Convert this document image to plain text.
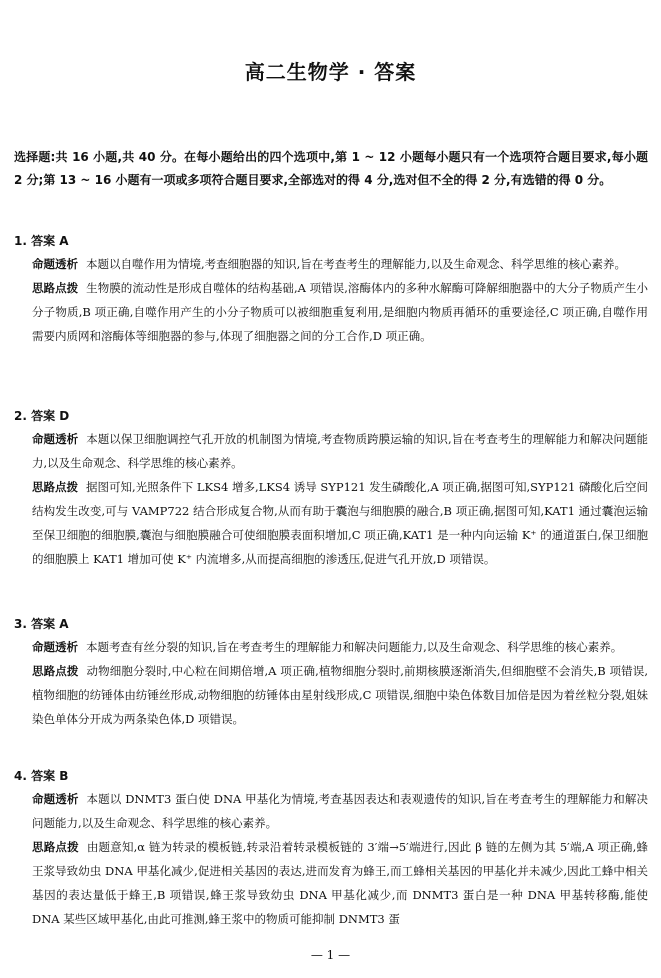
高二生物学 · 答案
选择题:共 16 小题,共 40 分。在每小题给出的四个选项中,第 1 ~ 12 小题每小题只有一个选项符合题目要求,每小题 2 分;第 13 ~ 16 小题有一项或多项符合题目要求,全部选对的得 4 分,选对但不全的得 2 分,有选错的得 0 分。
1. 答案 A
命题透析 本题以自噬作用为情境,考查细胞器的知识,旨在考查考生的理解能力,以及生命观念、科学思维的核心素养。
思路点拨 生物膜的流动性是形成自噬体的结构基础,A 项错误,溶酶体内的多种水解酶可降解细胞器中的大分子物质产生小分子物质,B 项正确,自噬作用产生的小分子物质可以被细胞重复利用,是细胞内物质再循环的重要途径,C 项正确,自噬作用需要内质网和溶酶体等细胞器的参与,体现了细胞器之间的分工合作,D 项正确。
2. 答案 D
命题透析 本题以保卫细胞调控气孔开放的机制图为情境,考查物质跨膜运输的知识,旨在考查考生的理解能力和解决问题能力,以及生命观念、科学思维的核心素养。
思路点拨 据图可知,光照条件下 LKS4 增多,LKS4 诱导 SYP121 发生磷酸化,A 项正确,据图可知,SYP121 磷酸化后空间结构发生改变,可与 VAMP722 结合形成复合物,从而有助于囊泡与细胞膜的融合,B 项正确,据图可知,KAT1 通过囊泡运输至保卫细胞的细胞膜,囊泡与细胞膜融合可使细胞膜表面积增加,C 项正确,KAT1 是一种内向运输 K⁺ 的通道蛋白,保卫细胞的细胞膜上 KAT1 增加可使 K⁺ 内流增多,从而提高细胞的渗透压,促进气孔开放,D 项错误。
3. 答案 A
命题透析 本题考查有丝分裂的知识,旨在考查考生的理解能力和解决问题能力,以及生命观念、科学思维的核心素养。
思路点拨 动物细胞分裂时,中心粒在间期倍增,A 项正确,植物细胞分裂时,前期核膜逐渐消失,但细胞壁不会消失,B 项错误,植物细胞的纺锤体由纺锤丝形成,动物细胞的纺锤体由星射线形成,C 项错误,细胞中染色体数目加倍是因为着丝粒分裂,姐妹染色单体分开成为两条染色体,D 项错误。
4. 答案 B
命题透析 本题以 DNMT3 蛋白使 DNA 甲基化为情境,考查基因表达和表观遗传的知识,旨在考查考生的理解能力和解决问题能力,以及生命观念、科学思维的核心素养。
思路点拨 由题意知,α 链为转录的模板链,转录沿着转录模板链的 3′端→5′端进行,因此 β 链的左侧为其 5′端,A 项正确,蜂王浆导致幼虫 DNA 甲基化减少,促进相关基因的表达,进而发育为蜂王,而工蜂相关基因的甲基化并未减少,因此工蜂中相关基因的表达量低于蜂王,B 项错误,蜂王浆导致幼虫 DNA 甲基化减少,而 DNMT3 蛋白是一种 DNA 甲基转移酶,能使 DNA 某些区域甲基化,由此可推测,蜂王浆中的物质可能抑制 DNMT3 蛋
— 1 —
